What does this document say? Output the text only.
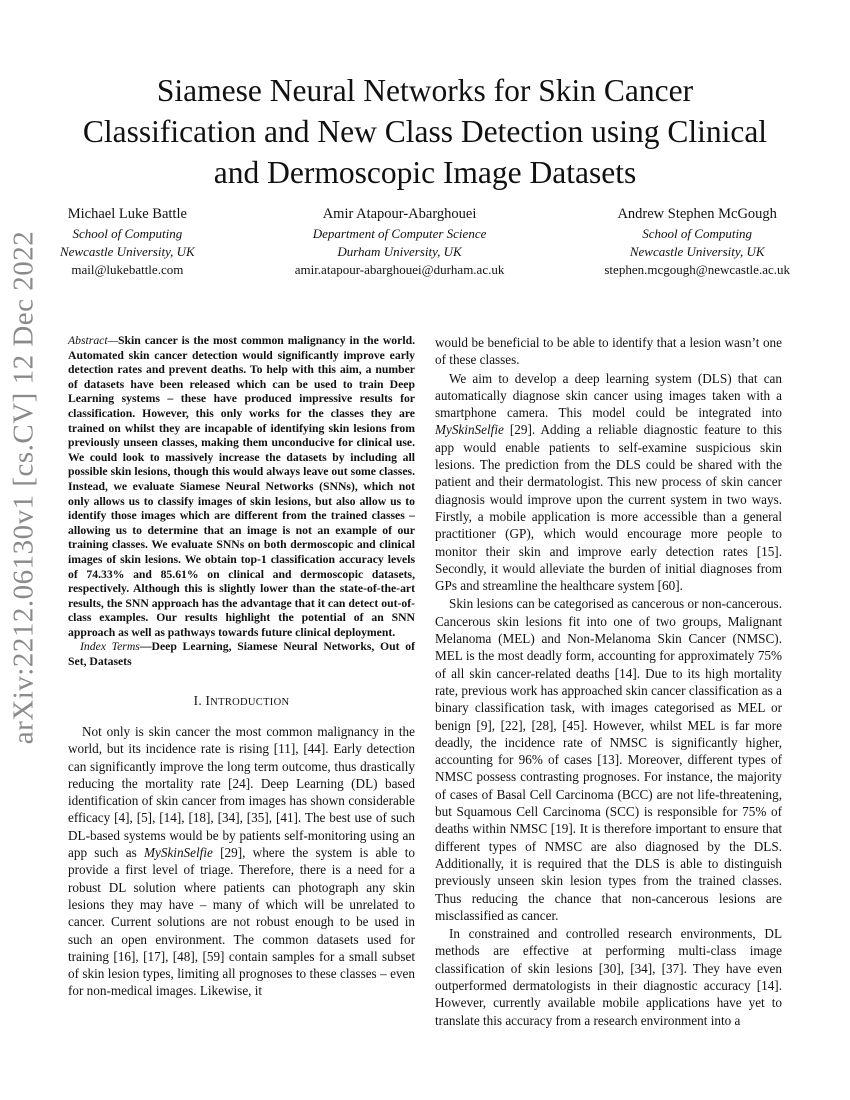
arXiv:2212.06130v1 [cs.CV] 12 Dec 2022
Siamese Neural Networks for Skin Cancer Classification and New Class Detection using Clinical and Dermoscopic Image Datasets
Michael Luke Battle
School of Computing
Newcastle University, UK
mail@lukebattle.com
Amir Atapour-Abarghouei
Department of Computer Science
Durham University, UK
amir.atapour-abarghouei@durham.ac.uk
Andrew Stephen McGough
School of Computing
Newcastle University, UK
stephen.mcgough@newcastle.ac.uk

Abstract—Skin cancer is the most common malignancy in the world. Automated skin cancer detection would significantly improve early detection rates and prevent deaths. To help with this aim, a number of datasets have been released which can be used to train Deep Learning systems – these have produced impressive results for classification. However, this only works for the classes they are trained on whilst they are incapable of identifying skin lesions from previously unseen classes, making them unconducive for clinical use. We could look to massively increase the datasets by including all possible skin lesions, though this would always leave out some classes. Instead, we evaluate Siamese Neural Networks (SNNs), which not only allows us to classify images of skin lesions, but also allow us to identify those images which are different from the trained classes – allowing us to determine that an image is not an example of our training classes. We evaluate SNNs on both dermoscopic and clinical images of skin lesions. We obtain top-1 classification accuracy levels of 74.33% and 85.61% on clinical and dermoscopic datasets, respectively. Although this is slightly lower than the state-of-the-art results, the SNN approach has the advantage that it can detect out-of-class examples. Our results highlight the potential of an SNN approach as well as pathways towards future clinical deployment.

Index Terms—Deep Learning, Siamese Neural Networks, Out of Set, Datasets

I. INTRODUCTION

Not only is skin cancer the most common malignancy in the world, but its incidence rate is rising [11], [44]. Early detection can significantly improve the long term outcome, thus drastically reducing the mortality rate [24]. Deep Learning (DL) based identification of skin cancer from images has shown considerable efficacy [4], [5], [14], [18], [34], [35], [41]. The best use of such DL-based systems would be by patients self-monitoring using an app such as MySkinSelfie [29], where the system is able to provide a first level of triage. Therefore, there is a need for a robust DL solution where patients can photograph any skin lesions they may have – many of which will be unrelated to cancer. Current solutions are not robust enough to be used in such an open environment. The common datasets used for training [16], [17], [48], [59] contain samples for a small subset of skin lesion types, limiting all prognoses to these classes – even for non-medical images. Likewise, it

would be beneficial to be able to identify that a lesion wasn’t one of these classes.

We aim to develop a deep learning system (DLS) that can automatically diagnose skin cancer using images taken with a smartphone camera. This model could be integrated into MySkinSelfie [29]. Adding a reliable diagnostic feature to this app would enable patients to self-examine suspicious skin lesions. The prediction from the DLS could be shared with the patient and their dermatologist. This new process of skin cancer diagnosis would improve upon the current system in two ways. Firstly, a mobile application is more accessible than a general practitioner (GP), which would encourage more people to monitor their skin and improve early detection rates [15]. Secondly, it would alleviate the burden of initial diagnoses from GPs and streamline the healthcare system [60].

Skin lesions can be categorised as cancerous or non-cancerous. Cancerous skin lesions fit into one of two groups, Malignant Melanoma (MEL) and Non-Melanoma Skin Cancer (NMSC). MEL is the most deadly form, accounting for approximately 75% of all skin cancer-related deaths [14]. Due to its high mortality rate, previous work has approached skin cancer classification as a binary classification task, with images categorised as MEL or benign [9], [22], [28], [45]. However, whilst MEL is far more deadly, the incidence rate of NMSC is significantly higher, accounting for 96% of cases [13]. Moreover, different types of NMSC possess contrasting prognoses. For instance, the majority of cases of Basal Cell Carcinoma (BCC) are not life-threatening, but Squamous Cell Carcinoma (SCC) is responsible for 75% of deaths within NMSC [19]. It is therefore important to ensure that different types of NMSC are also diagnosed by the DLS. Additionally, it is required that the DLS is able to distinguish previously unseen skin lesion types from the trained classes. Thus reducing the chance that non-cancerous lesions are misclassified as cancer.

In constrained and controlled research environments, DL methods are effective at performing multi-class image classification of skin lesions [30], [34], [37]. They have even outperformed dermatologists in their diagnostic accuracy [14]. However, currently available mobile applications have yet to translate this accuracy from a research environment into a
